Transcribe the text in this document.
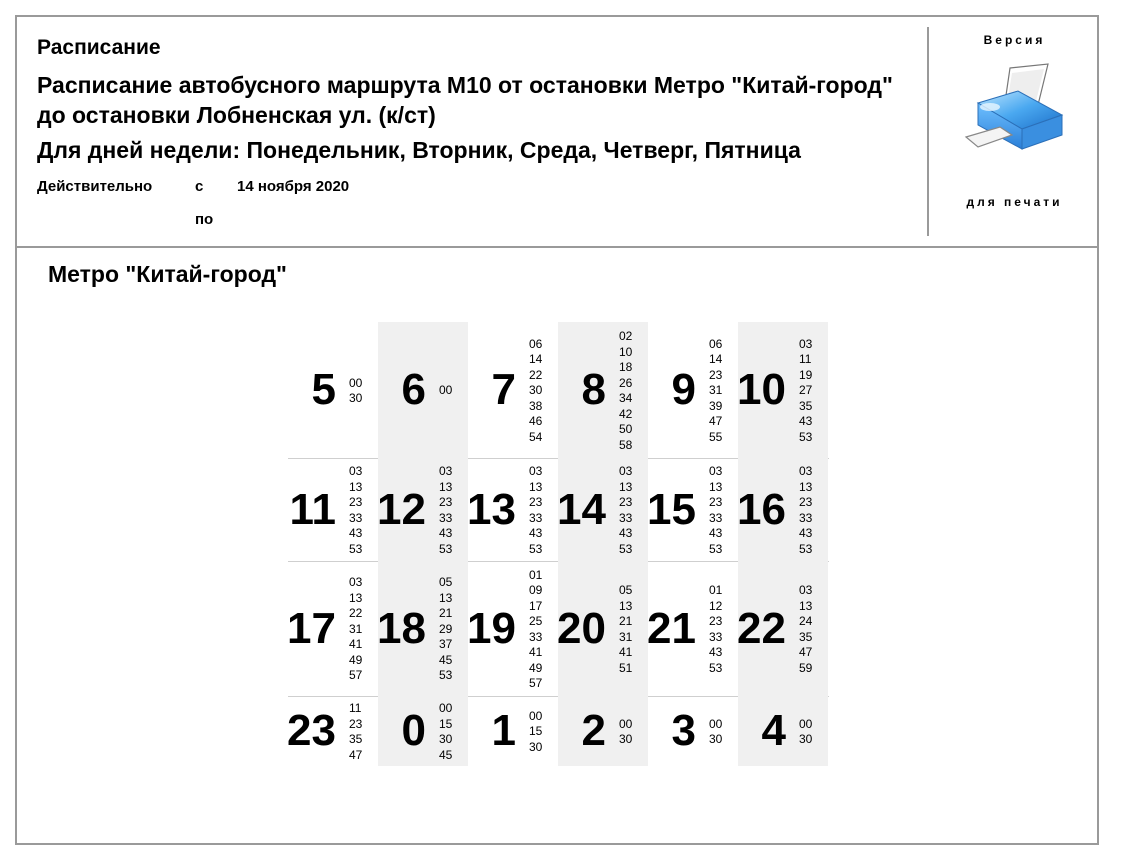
Расписание
Расписание автобусного маршрута М10 от остановки Метро "Китай-город" до остановки Лобненская ул. (к/ст)
Для дней недели: Понедельник, Вторник, Среда, Четверг, Пятница
Действительно	с 14 ноября 2020
по
Версия
для печати
Метро "Китай-город"
5 00
30 6 00 7
06
14
22
30
38
46
54
8
02
10
18
26
34
42
50
58
9
06
14
23
31
39
47
55
10
03
11
19
27
35
43
53
11
03
13
23
33
43
53
12
03
13
23
33
43
53
13
03
13
23
33
43
53
14
03
13
23
33
43
53
15
03
13
23
33
43
53
16
03
13
23
33
43
53
17
03
13
22
31
41
49
57
18
05
13
21
29
37
45
53
19
01
09
17
25
33
41
49
57
20
05
13
21
31
41
51
21
01
12
23
33
43
53
22
03
13
24
35
47
59
23 11
23
35
47 0 00
15
30
45 1 00
15
30 2 00
30 3 00
30 4 00
30
